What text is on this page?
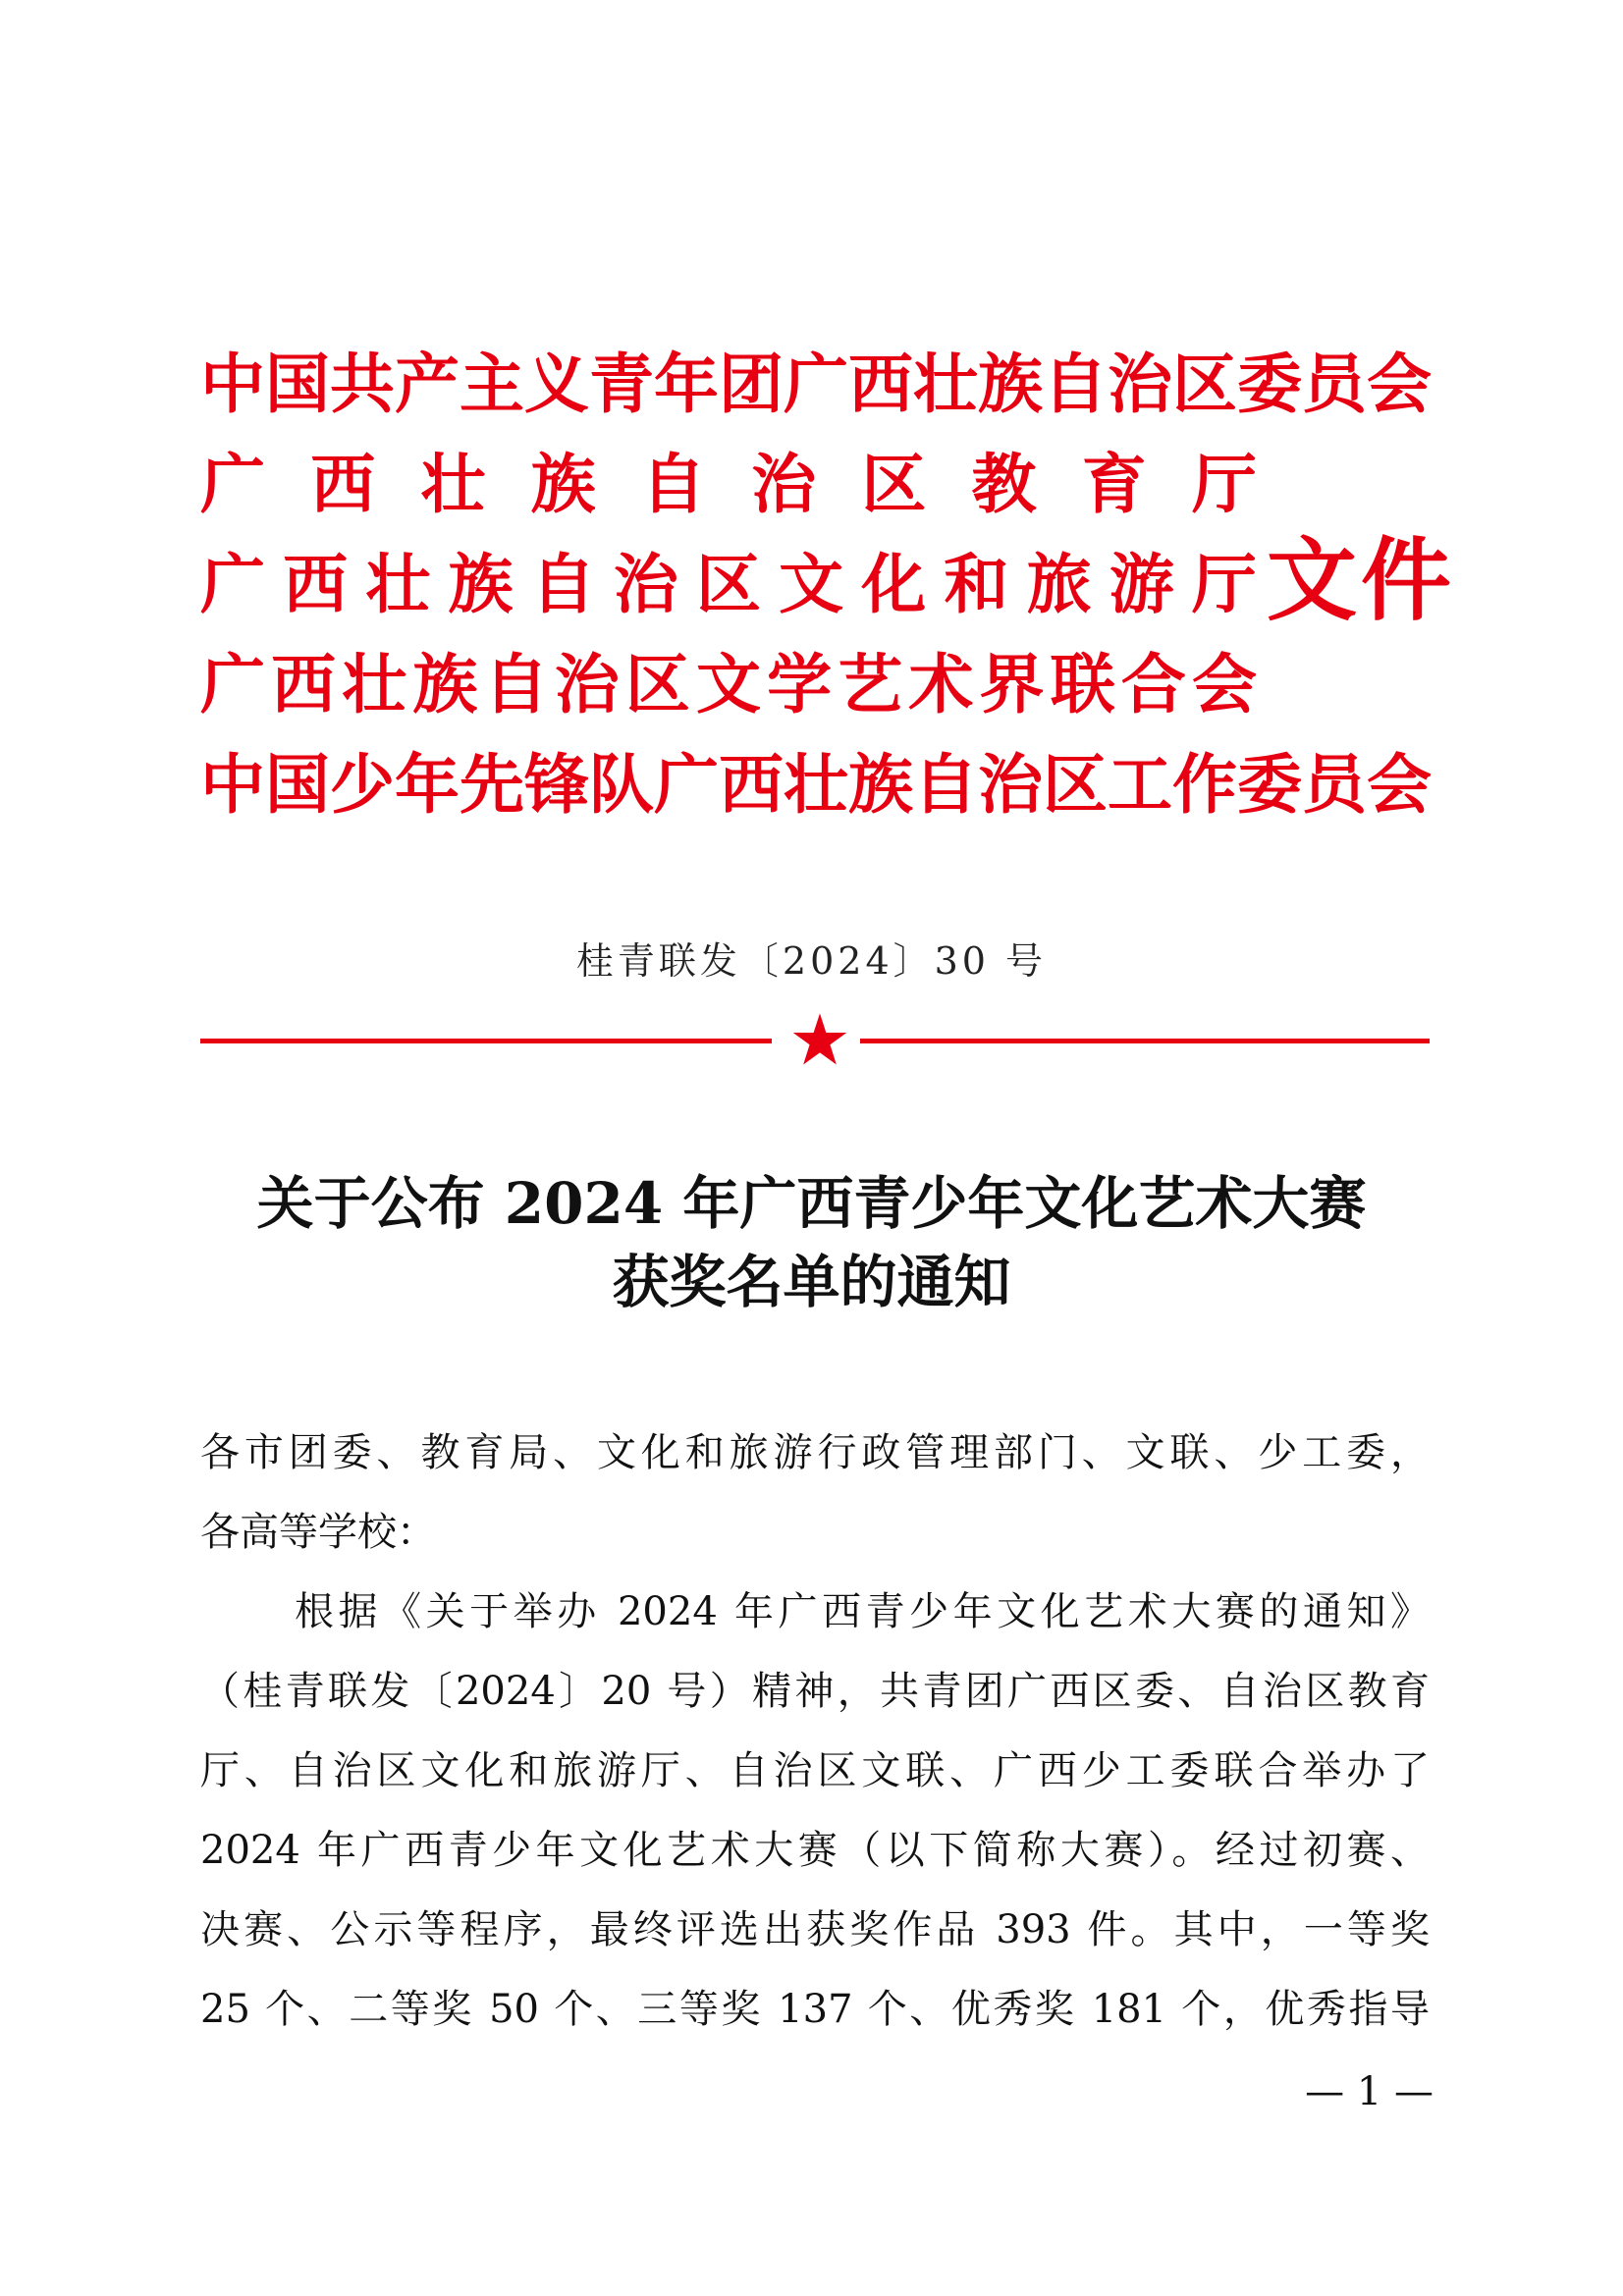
中 国 共 产 主 义 青 年 团 广 西 壮 族 自 治 区 委 员 会
广 西 壮 族 自 治 区 教 育 厅
广 西 壮 族 自 治 区 文 化 和 旅 游 厅
广 西 壮 族 自 治 区 文 学 艺 术 界 联 合 会
中 国 少 年 先 锋 队 广 西 壮 族 自 治 区 工 作 委 员 会
文件
桂青联发〔2024〕30 号
关于公布 2024 年广西青少年文化艺术大赛
获奖名单的通知
各市团委、教育局、文化和旅游行政管理部门、文联、少工委，
各高等学校：
根据《关于举办 2024 年广西青少年文化艺术大赛的通知》
（桂青联发〔2024〕20 号）精神，共青团广西区委、自治区教育
厅、自治区文化和旅游厅、自治区文联、广西少工委联合举办了
2024 年广西青少年文化艺术大赛（以下简称大赛）。经过初赛、
决赛、公示等程序，最终评选出获奖作品 393 件。其中，一等奖
25 个、二等奖 50 个、三等奖 137 个、优秀奖 181 个，优秀指导
— 1 —
